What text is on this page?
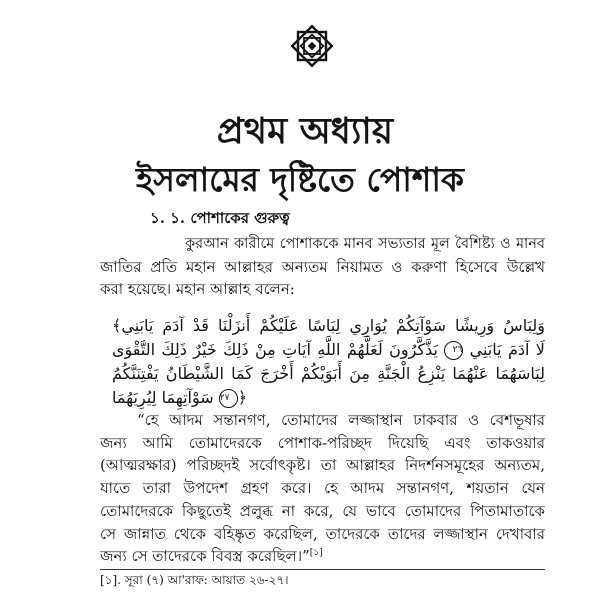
প্রথম অধ্যায়
ইসলামের দৃষ্টিতে পোশাক
১. ১. পোশাকের গুরুত্ব
কুরআন কারীমে পোশাককে মানব সভ্যতার মূল বৈশিষ্ট্য ও মানব
জাতির প্রতি মহান আল্লাহর অন্যতম নিয়ামত ও করুণা হিসেবে উল্লেখ
করা হয়েছে। মহান আল্লাহ বলেন:
﴾يَابَنِي آدَمَ قَدْ أَنزَلْنَا عَلَيْكُمْ لِبَاسًا يُوَارِي سَوْآتِكُمْ وَرِيشًا وَلِبَاسُ
التَّقْوَى ذَلِكَ خَيْرٌ ذَلِكَ مِنْ آيَاتِ اللَّهِ لَعَلَّهُمْ يَذَّكَّرُونَ ٢٦ يَابَنِي آدَمَ لَا
يَفْتِنَنَّكُمُ الشَّيْطَانُ كَمَا أَخْرَجَ أَبَوَيْكُمْ مِنَ الْجَنَّةِ يَنْزِعُ عَنْهُمَا لِبَاسَهُمَا
لِيُرِيَهُمَا سَوْآتِهِمَا ٢٧ ﴿
“হে আদম সন্তানগণ, তোমাদের লজ্জাস্থান ঢাকবার ও বেশভূষার
জন্য আমি তোমাদেরকে পোশাক-পরিচ্ছদ দিয়েছি এবং তাকওয়ার
(আত্মরক্ষার) পরিচ্ছদই সর্বোৎকৃষ্ট। তা আল্লাহর নিদর্শনসমূহের অন্যতম,
যাতে তারা উপদেশ গ্রহণ করে। হে আদম সন্তানগণ, শয়তান যেন
তোমাদেরকে কিছুতেই প্রলুব্ধ না করে, যে ভাবে তোমাদের পিতামাতাকে
সে জান্নাত থেকে বহিষ্কৃত করেছিল, তাদেরকে তাদের লজ্জাস্থান দেখাবার
জন্য সে তাদেরকে বিবস্ত্র করেছিল।”[১]
[১]. সূরা (৭) আ'রাফ: আয়াত ২৬-২৭।
